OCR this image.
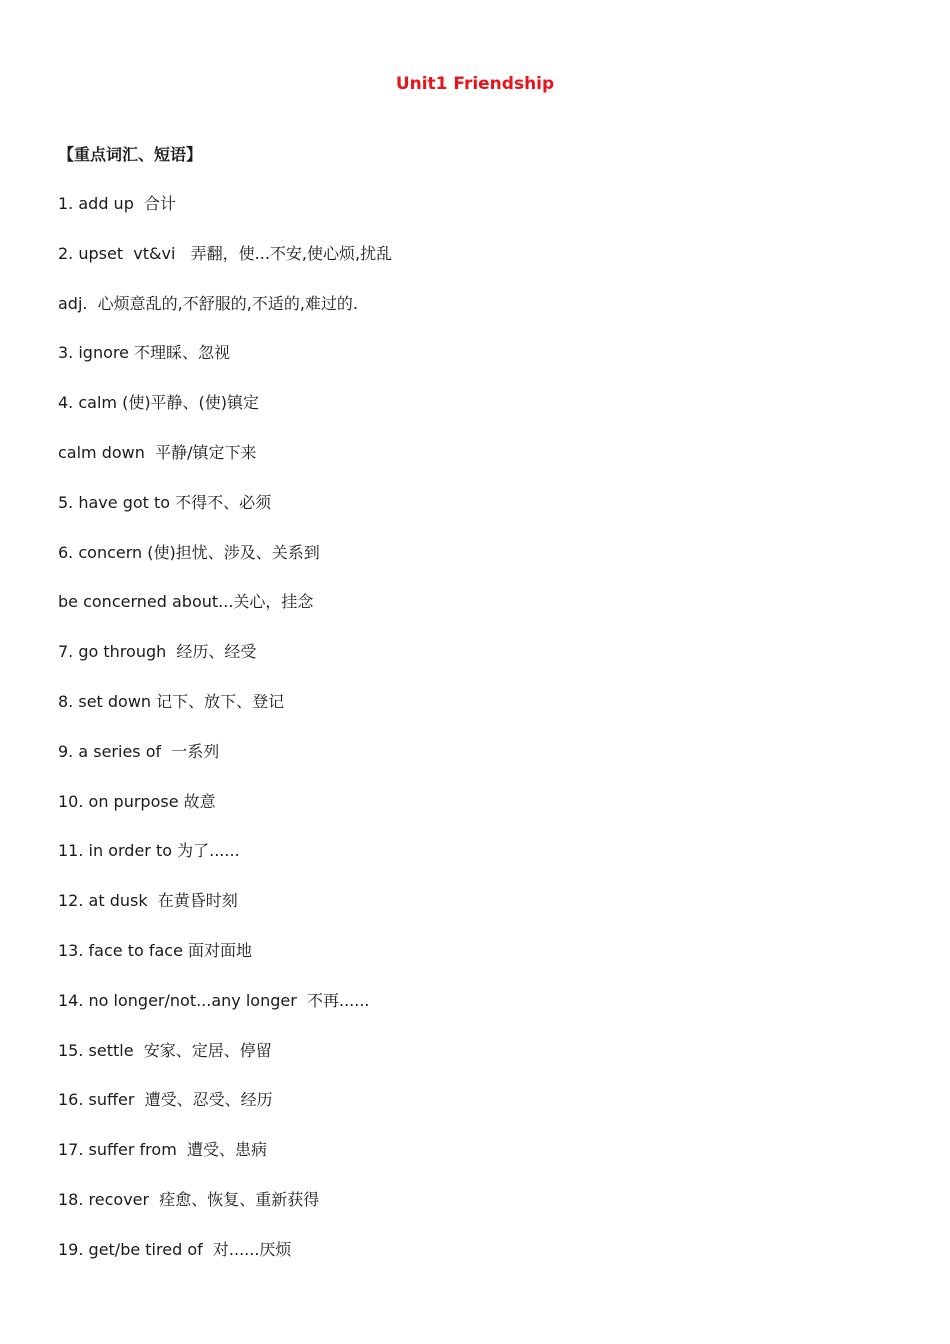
Unit1 Friendship
【重点词汇、短语】
1. add up  合计
2. upset  vt&vi   弄翻，使...不安,使心烦,扰乱
adj.  心烦意乱的,不舒服的,不适的,难过的.
3. ignore 不理睬、忽视
4. calm (使)平静、(使)镇定
calm down  平静/镇定下来
5. have got to 不得不、必须
6. concern (使)担忧、涉及、关系到
be concerned about...关心，挂念
7. go through  经历、经受
8. set down 记下、放下、登记
9. a series of  一系列
10. on purpose 故意
11. in order to 为了......
12. at dusk  在黄昏时刻
13. face to face 面对面地
14. no longer/not...any longer  不再......
15. settle  安家、定居、停留
16. suffer  遭受、忍受、经历
17. suffer from  遭受、患病
18. recover  痊愈、恢复、重新获得
19. get/be tired of  对......厌烦
